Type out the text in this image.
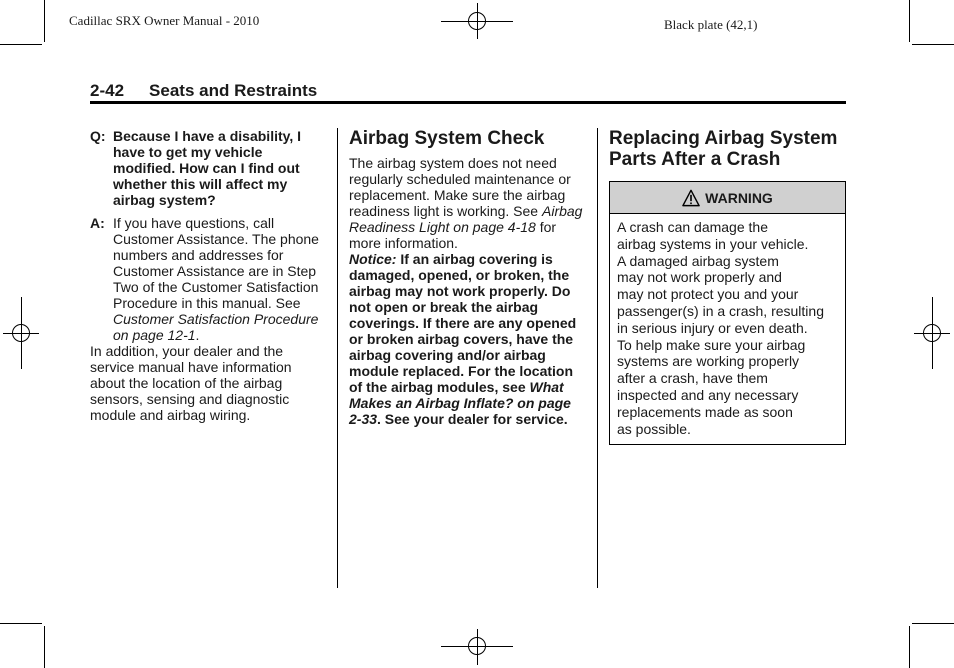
Cadillac SRX Owner Manual - 2010	Black plate (42,1)
2-42 Seats and Restraints
Q: Because I have a disability, I have to get my vehicle modified. How can I find out whether this will affect my airbag system?
A: If you have questions, call Customer Assistance. The phone numbers and addresses for Customer Assistance are in Step Two of the Customer Satisfaction Procedure in this manual. See Customer Satisfaction Procedure on page 12-1.

In addition, your dealer and the service manual have information about the location of the airbag sensors, sensing and diagnostic module and airbag wiring.

Airbag System Check

The airbag system does not need regularly scheduled maintenance or replacement. Make sure the airbag readiness light is working. See Airbag Readiness Light on page 4-18 for more information.

Notice: If an airbag covering is damaged, opened, or broken, the airbag may not work properly. Do not open or break the airbag coverings. If there are any opened or broken airbag covers, have the airbag covering and/or airbag module replaced. For the location of the airbag modules, see What Makes an Airbag Inflate? on page 2-33. See your dealer for service.

Replacing Airbag System Parts After a Crash
WARNING
A crash can damage the
airbag systems in your vehicle.
A damaged airbag system
may not work properly and
may not protect you and your
passenger(s) in a crash, resulting
in serious injury or even death.
To help make sure your airbag
systems are working properly
after a crash, have them
inspected and any necessary
replacements made as soon
as possible.
